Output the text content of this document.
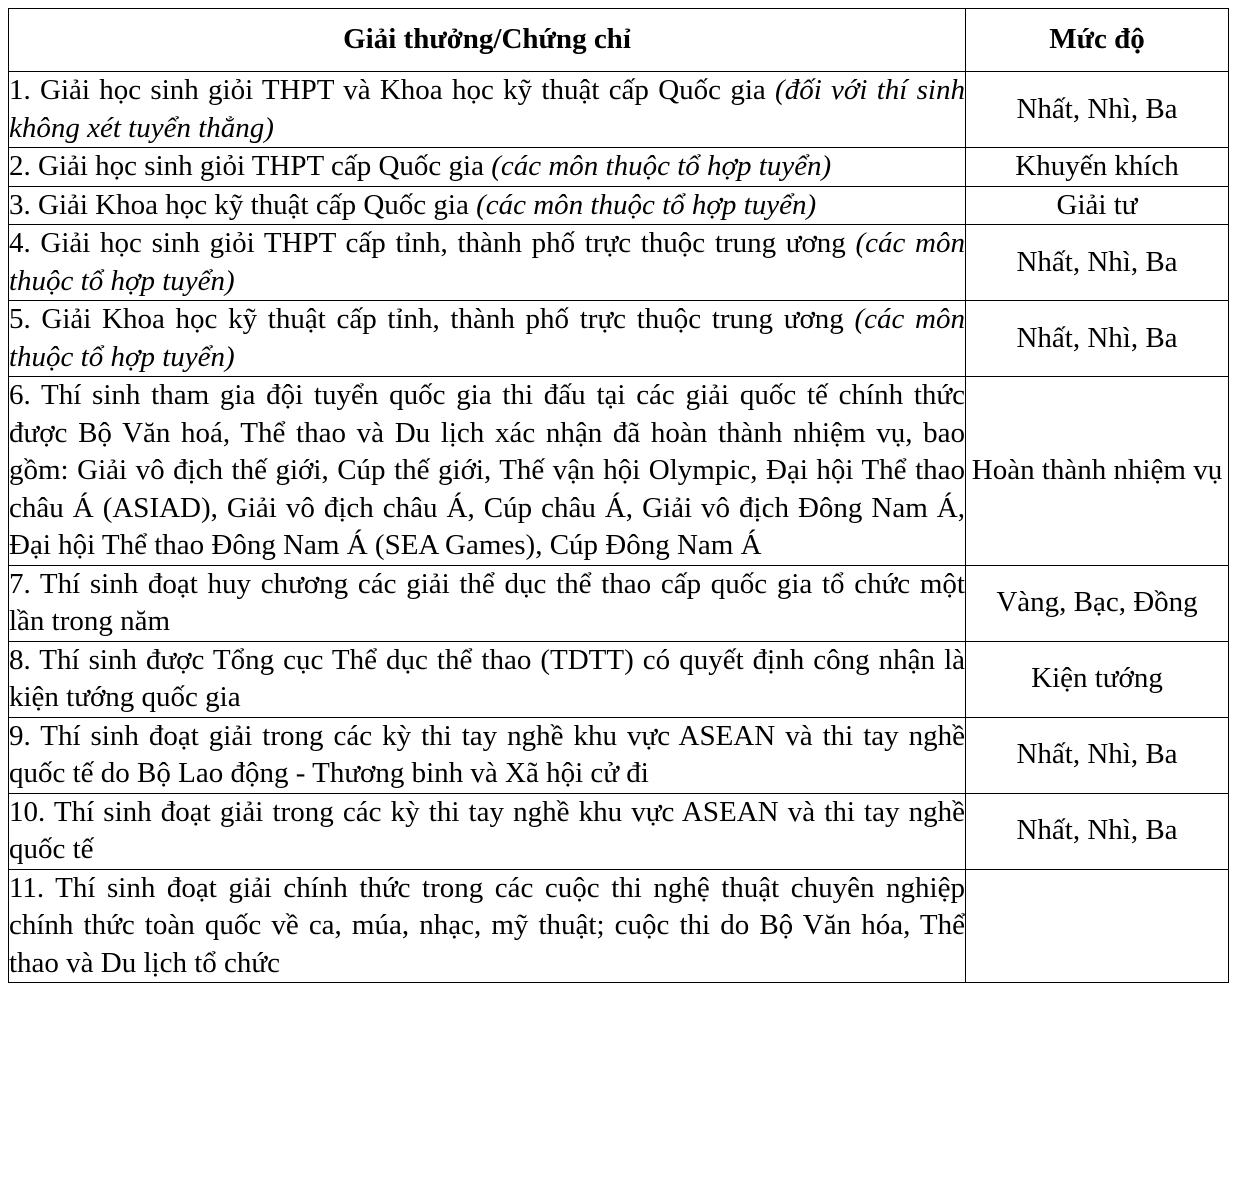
Giải thưởng/Chứng chỉ	Mức độ
1. Giải học sinh giỏi THPT và Khoa học kỹ thuật cấp Quốc gia (đối với thí sinh không xét tuyển thẳng)	Nhất, Nhì, Ba
2. Giải học sinh giỏi THPT cấp Quốc gia (các môn thuộc tổ hợp tuyển)	Khuyến khích
3. Giải Khoa học kỹ thuật cấp Quốc gia (các môn thuộc tổ hợp tuyển)	Giải tư
4. Giải học sinh giỏi THPT cấp tỉnh, thành phố trực thuộc trung ương (các môn thuộc tổ hợp tuyển)	Nhất, Nhì, Ba
5. Giải Khoa học kỹ thuật cấp tỉnh, thành phố trực thuộc trung ương (các môn thuộc tổ hợp tuyển)	Nhất, Nhì, Ba
6. Thí sinh tham gia đội tuyển quốc gia thi đấu tại các giải quốc tế chính thức được Bộ Văn hoá, Thể thao và Du lịch xác nhận đã hoàn thành nhiệm vụ, bao gồm: Giải vô địch thế giới, Cúp thế giới, Thế vận hội Olympic, Đại hội Thể thao châu Á (ASIAD), Giải vô địch châu Á, Cúp châu Á, Giải vô địch Đông Nam Á, Đại hội Thể thao Đông Nam Á (SEA Games), Cúp Đông Nam Á	Hoàn thành nhiệm vụ
7. Thí sinh đoạt huy chương các giải thể dục thể thao cấp quốc gia tổ chức một lần trong năm	Vàng, Bạc, Đồng
8. Thí sinh được Tổng cục Thể dục thể thao (TDTT) có quyết định công nhận là kiện tướng quốc gia	Kiện tướng
9. Thí sinh đoạt giải trong các kỳ thi tay nghề khu vực ASEAN và thi tay nghề quốc tế do Bộ Lao động - Thương binh và Xã hội cử đi	Nhất, Nhì, Ba
10. Thí sinh đoạt giải trong các kỳ thi tay nghề khu vực ASEAN và thi tay nghề quốc tế	Nhất, Nhì, Ba
11. Thí sinh đoạt giải chính thức trong các cuộc thi nghệ thuật chuyên nghiệp chính thức toàn quốc về ca, múa, nhạc, mỹ thuật; cuộc thi do Bộ Văn hóa, Thể thao và Du lịch tổ chức	
